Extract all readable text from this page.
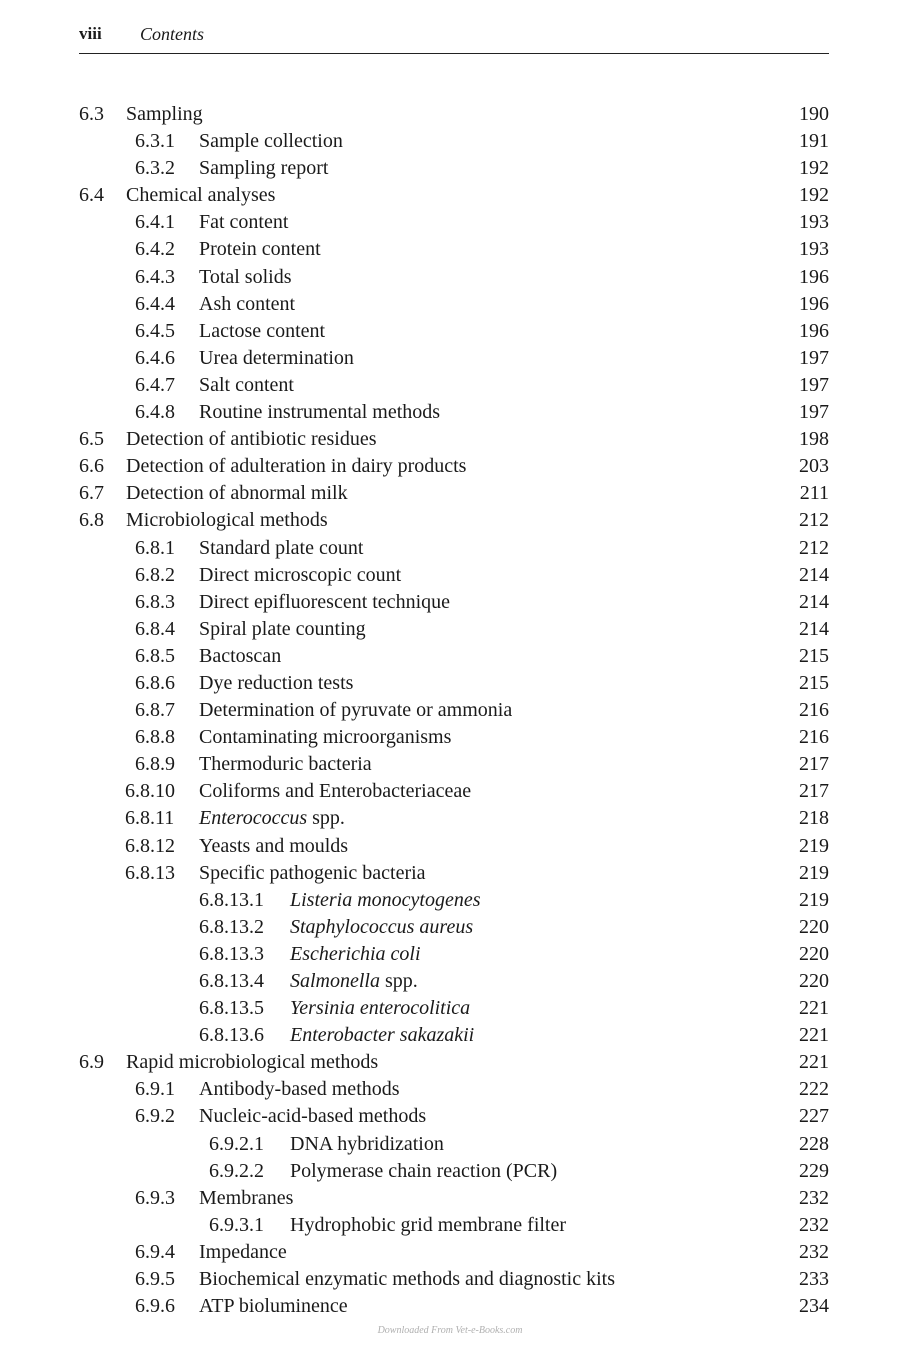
viii Contents
6.3 Sampling	190
6.3.1 Sample collection	191
6.3.2 Sampling report	192
6.4 Chemical analyses	192
6.4.1 Fat content	193
6.4.2 Protein content	193
6.4.3 Total solids	196
6.4.4 Ash content	196
6.4.5 Lactose content	196
6.4.6 Urea determination	197
6.4.7 Salt content	197
6.4.8 Routine instrumental methods	197
6.5 Detection of antibiotic residues	198
6.6 Detection of adulteration in dairy products	203
6.7 Detection of abnormal milk	211
6.8 Microbiological methods	212
6.8.1 Standard plate count	212
6.8.2 Direct microscopic count	214
6.8.3 Direct epifluorescent technique	214
6.8.4 Spiral plate counting	214
6.8.5 Bactoscan	215
6.8.6 Dye reduction tests	215
6.8.7 Determination of pyruvate or ammonia	216
6.8.8 Contaminating microorganisms	216
6.8.9 Thermoduric bacteria	217
6.8.10 Coliforms and Enterobacteriaceae	217
6.8.11 Enterococcus spp.	218
6.8.12 Yeasts and moulds	219
6.8.13 Specific pathogenic bacteria	219
6.8.13.1 Listeria monocytogenes	219
6.8.13.2 Staphylococcus aureus	220
6.8.13.3 Escherichia coli	220
6.8.13.4 Salmonella spp.	220
6.8.13.5 Yersinia enterocolitica	221
6.8.13.6 Enterobacter sakazakii	221
6.9 Rapid microbiological methods	221
6.9.1 Antibody-based methods	222
6.9.2 Nucleic-acid-based methods	227
6.9.2.1 DNA hybridization	228
6.9.2.2 Polymerase chain reaction (PCR)	229
6.9.3 Membranes	232
6.9.3.1 Hydrophobic grid membrane filter	232
6.9.4 Impedance	232
6.9.5 Biochemical enzymatic methods and diagnostic kits	233
6.9.6 ATP bioluminence	234
Downloaded From Vet-e-Books.com
